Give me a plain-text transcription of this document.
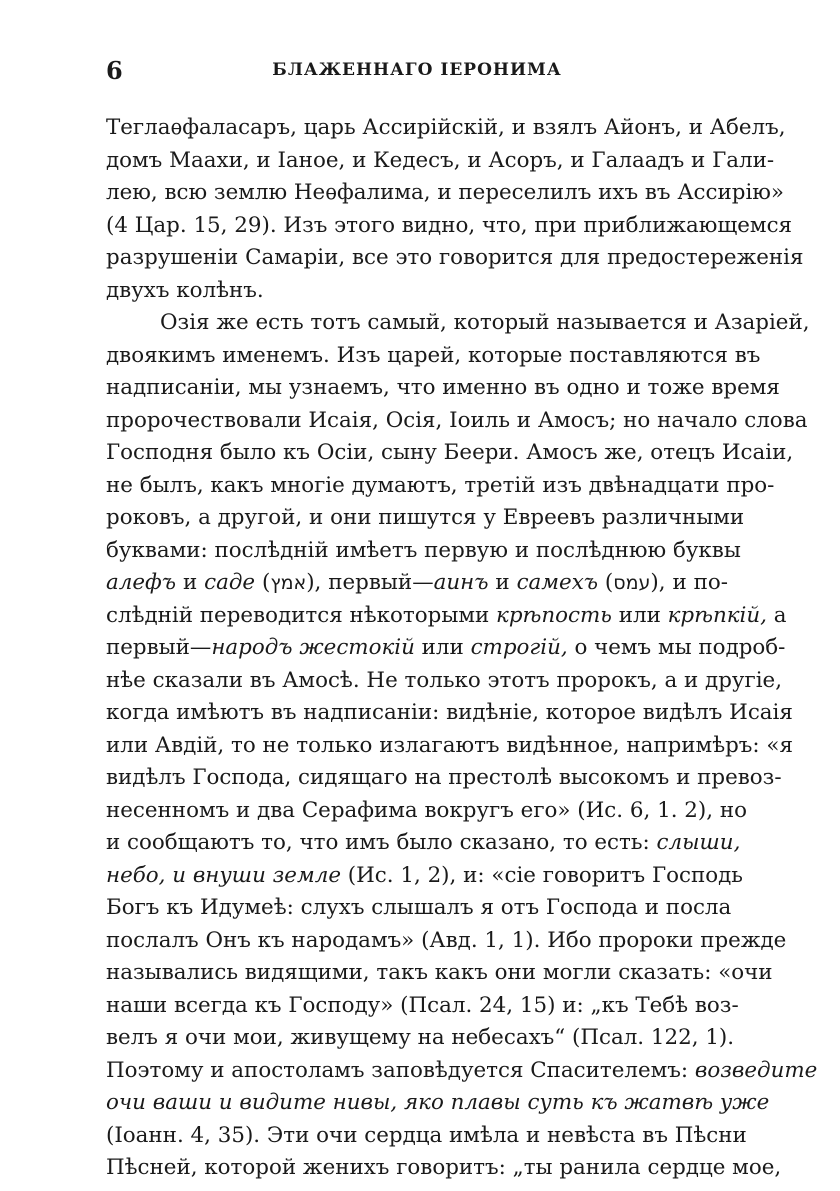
6	БЛАЖЕННАГО ІЕРОНИМА
Теглаѳфаласаръ, царь Ассирійскій, и взялъ Айонъ, и Абелъ,
домъ Маахи, и Іаное, и Кедесъ, и Асоръ, и Галаадъ и Гали-
лею, всю землю Неѳфалима, и переселилъ ихъ въ Ассирію»
(4 Цар. 15, 29). Изъ этого видно, что, при приближающемся
разрушеніи Самаріи, все это говорится для предостереженія
двухъ колѣнъ.
Озія же есть тотъ самый, который называется и Азаріей,
двоякимъ именемъ. Изъ царей, которые поставляются въ
надписаніи, мы узнаемъ, что именно въ одно и тоже время
пророчествовали Исаія, Осія, Іоиль и Амосъ; но начало слова
Господня было къ Осіи, сыну Беери. Амосъ же, отецъ Исаіи,
не былъ, какъ многіе думаютъ, третій изъ двѣнадцати про-
роковъ, а другой, и они пишутся у Евреевъ различными
буквами: послѣдній имѣетъ первую и послѣднюю буквы
алефъ и саде (אמץ), первый—аинъ и самехъ (עמס), и по-
слѣдній переводится нѣкоторыми крѣпость или крѣпкій, а
первый—народъ жестокій или строгій, о чемъ мы подроб-
нѣе сказали въ Амосѣ. Не только этотъ пророкъ, а и другіе,
когда имѣютъ въ надписаніи: видѣніе, которое видѣлъ Исаія
или Авдій, то не только излагаютъ видѣнное, напримѣръ: «я
видѣлъ Господа, сидящаго на престолѣ высокомъ и превоз-
несенномъ и два Серафима вокругъ его» (Ис. 6, 1. 2), но
и сообщаютъ то, что имъ было сказано, то есть: слыши,
небо, и внуши земле (Ис. 1, 2), и: «сіе говоритъ Господь
Богъ къ Идумеѣ: слухъ слышалъ я отъ Господа и посла
послалъ Онъ къ народамъ» (Авд. 1, 1). Ибо пророки прежде
назывались видящими, такъ какъ они могли сказать: «очи
наши всегда къ Господу» (Псал. 24, 15) и: „къ Тебѣ воз-
велъ я очи мои, живущему на небесахъ“ (Псал. 122, 1).
Поэтому и апостоламъ заповѣдуется Спасителемъ: возведите
очи ваши и видите нивы, яко плавы суть къ жатвѣ уже
(Іоанн. 4, 35). Эти очи сердца имѣла и невѣста въ Пѣсни
Пѣсней, которой женихъ говоритъ: „ты ранила сердце мое,
